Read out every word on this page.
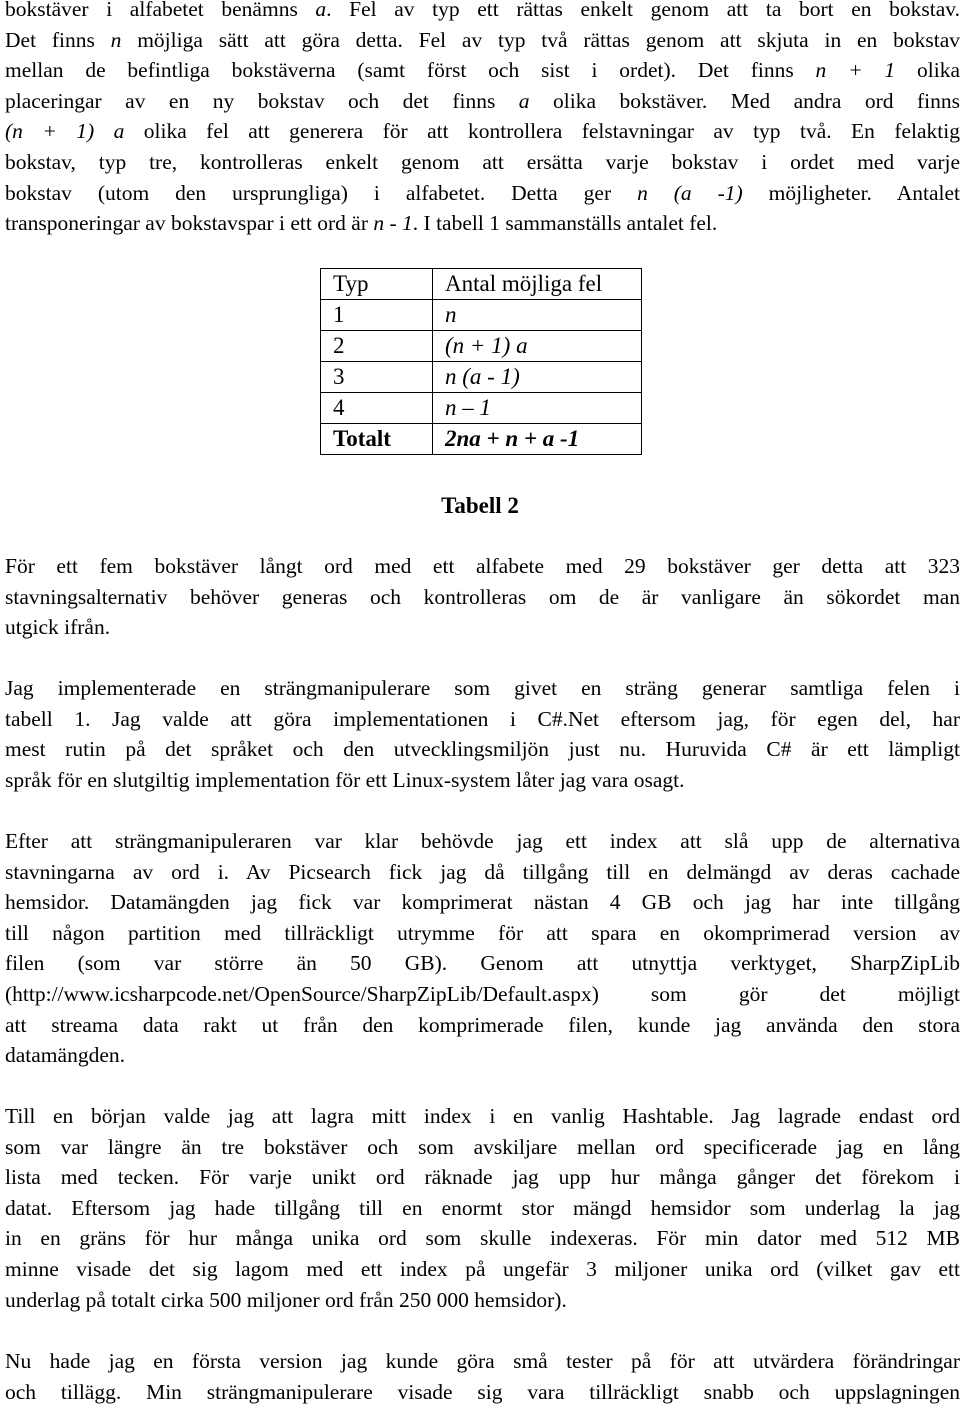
bokstäver i alfabetet benämns a. Fel av typ ett rättas enkelt genom att ta bort en bokstav.
Det finns n möjliga sätt att göra detta. Fel av typ två rättas genom att skjuta in en bokstav
mellan de befintliga bokstäverna (samt först och sist i ordet). Det finns n + 1 olika
placeringar av en ny bokstav och det finns a olika bokstäver. Med andra ord finns
(n + 1) a olika fel att generera för att kontrollera felstavningar av typ två. En felaktig
bokstav, typ tre, kontrolleras enkelt genom att ersätta varje bokstav i ordet med varje
bokstav (utom den ursprungliga) i alfabetet. Detta ger n (a -1) möjligheter. Antalet
transponeringar av bokstavspar i ett ord är n - 1. I tabell 1 sammanställs antalet fel.
Typ	Antal möjliga fel
1	n
2	(n + 1) a
3	n (a - 1)
4	n – 1
Totalt	2na + n + a -1
Tabell 2
För ett fem bokstäver långt ord med ett alfabete med 29 bokstäver ger detta att 323
stavningsalternativ behöver generas och kontrolleras om de är vanligare än sökordet man
utgick ifrån.
Jag implementerade en strängmanipulerare som givet en sträng generar samtliga felen i
tabell 1. Jag valde att göra implementationen i C#.Net eftersom jag, för egen del, har
mest rutin på det språket och den utvecklingsmiljön just nu. Huruvida C# är ett lämpligt
språk för en slutgiltig implementation för ett Linux-system låter jag vara osagt.
Efter att strängmanipuleraren var klar behövde jag ett index att slå upp de alternativa
stavningarna av ord i. Av Picsearch fick jag då tillgång till en delmängd av deras cachade
hemsidor. Datamängden jag fick var komprimerat nästan 4 GB och jag har inte tillgång
till någon partition med tillräckligt utrymme för att spara en okomprimerad version av
filen (som var större än 50 GB). Genom att utnyttja verktyget, SharpZipLib
(http://www.icsharpcode.net/OpenSource/SharpZipLib/Default.aspx) som gör det möjligt
att streama data rakt ut från den komprimerade filen, kunde jag använda den stora
datamängden.
Till en början valde jag att lagra mitt index i en vanlig Hashtable. Jag lagrade endast ord
som var längre än tre bokstäver och som avskiljare mellan ord specificerade jag en lång
lista med tecken. För varje unikt ord räknade jag upp hur många gånger det förekom i
datat. Eftersom jag hade tillgång till en enormt stor mängd hemsidor som underlag la jag
in en gräns för hur många unika ord som skulle indexeras. För min dator med 512 MB
minne visade det sig lagom med ett index på ungefär 3 miljoner unika ord (vilket gav ett
underlag på totalt cirka 500 miljoner ord från 250 000 hemsidor).
Nu hade jag en första version jag kunde göra små tester på för att utvärdera förändringar
och tillägg. Min strängmanipulerare visade sig vara tillräckligt snabb och uppslagningen
